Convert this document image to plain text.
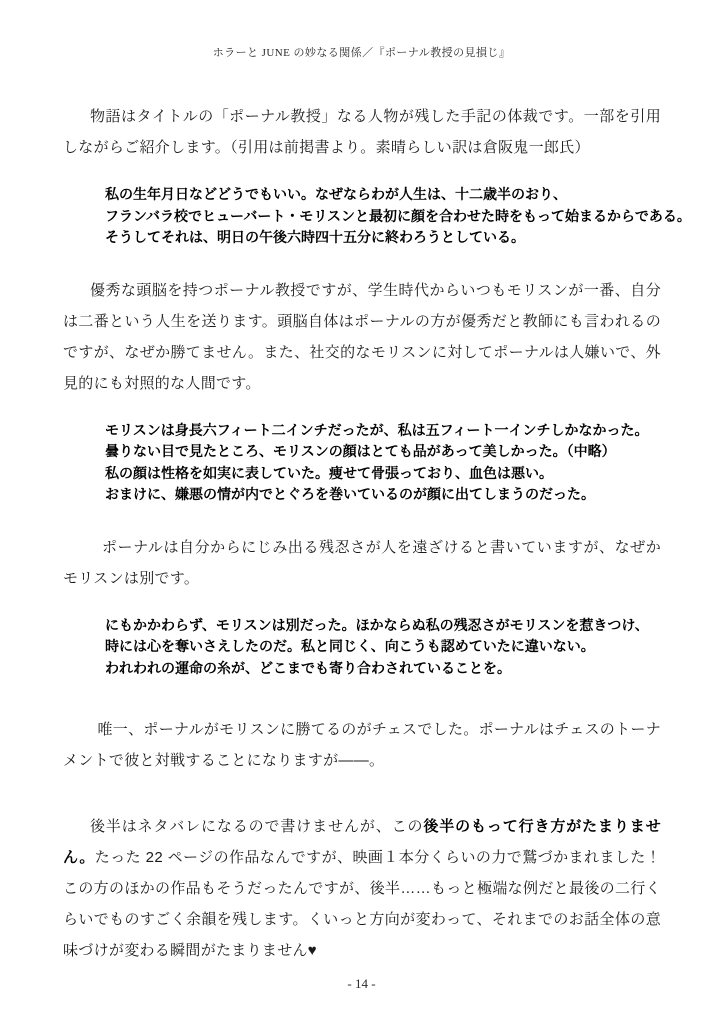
ホラーと JUNE の妙なる関係／『ポーナル教授の見損じ』

物語はタイトルの「ポーナル教授」なる人物が残した手記の体裁です。一部を引用しながらご紹介します。（引用は前掲書より。素晴らしい訳は倉阪鬼一郎氏）

私の生年月日などどうでもいい。なぜならわが人生は、十二歳半のおり、
フランバラ校でヒューバート・モリスンと最初に顔を合わせた時をもって始まるからである。
そうしてそれは、明日の午後六時四十五分に終わろうとしている。

優秀な頭脳を持つポーナル教授ですが、学生時代からいつもモリスンが一番、自分は二番という人生を送ります。頭脳自体はポーナルの方が優秀だと教師にも言われるのですが、なぜか勝てません。また、社交的なモリスンに対してポーナルは人嫌いで、外見的にも対照的な人間です。

モリスンは身長六フィート二インチだったが、私は五フィート一インチしかなかった。
曇りない目で見たところ、モリスンの顔はとても品があって美しかった。（中略）
私の顔は性格を如実に表していた。痩せて骨張っており、血色は悪い。
おまけに、嫌悪の情が内でとぐろを巻いているのが顔に出てしまうのだった。

ポーナルは自分からにじみ出る残忍さが人を遠ざけると書いていますが、なぜかモリスンは別です。

にもかかわらず、モリスンは別だった。ほかならぬ私の残忍さがモリスンを惹きつけ、
時には心を奪いさえしたのだ。私と同じく、向こうも認めていたに違いない。
われわれの運命の糸が、どこまでも寄り合わされていることを。

唯一、ポーナルがモリスンに勝てるのがチェスでした。ポーナルはチェスのトーナメントで彼と対戦することになりますが――。

後半はネタバレになるので書けませんが、この後半のもって行き方がたまりません。たった 22 ページの作品なんですが、映画１本分くらいの力で鷲づかまれました！　この方のほかの作品もそうだったんですが、後半……もっと極端な例だと最後の二行くらいでものすごく余韻を残します。くいっと方向が変わって、それまでのお話全体の意味づけが変わる瞬間がたまりません♥

- 14 -
